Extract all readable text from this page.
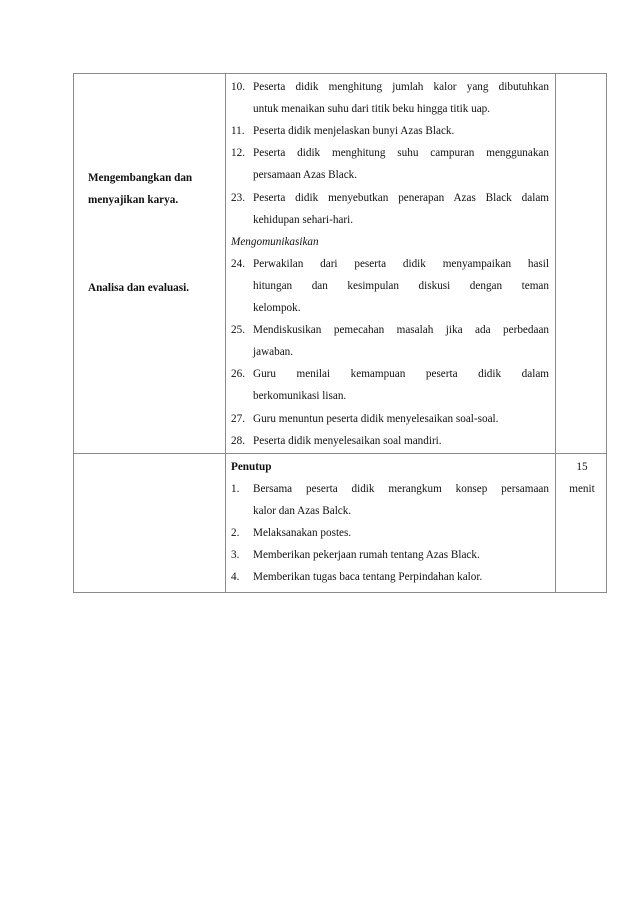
Mengembangkan dan
menyajikan karya.
Analisa dan evaluasi.
10. Peserta didik menghitung jumlah kalor yang dibutuhkan
untuk menaikan suhu dari titik beku hingga titik uap.
11. Peserta didik menjelaskan bunyi Azas Black.
12. Peserta didik menghitung suhu campuran menggunakan
persamaan Azas Black.
23. Peserta didik menyebutkan penerapan Azas Black dalam
kehidupan sehari-hari.
Mengomunikasikan
24. Perwakilan dari peserta didik menyampaikan hasil
hitungan dan kesimpulan diskusi dengan teman
kelompok.
25. Mendiskusikan pemecahan masalah jika ada perbedaan
jawaban.
26. Guru menilai kemampuan peserta didik dalam
berkomunikasi lisan.
27. Guru menuntun peserta didik menyelesaikan soal-soal.
28. Peserta didik menyelesaikan soal mandiri.
Penutup
1. Bersama peserta didik merangkum konsep persamaan
kalor dan Azas Balck.
2. Melaksanakan postes.
3. Memberikan pekerjaan rumah tentang Azas Black.
4. Memberikan tugas baca tentang Perpindahan kalor.
15
menit
